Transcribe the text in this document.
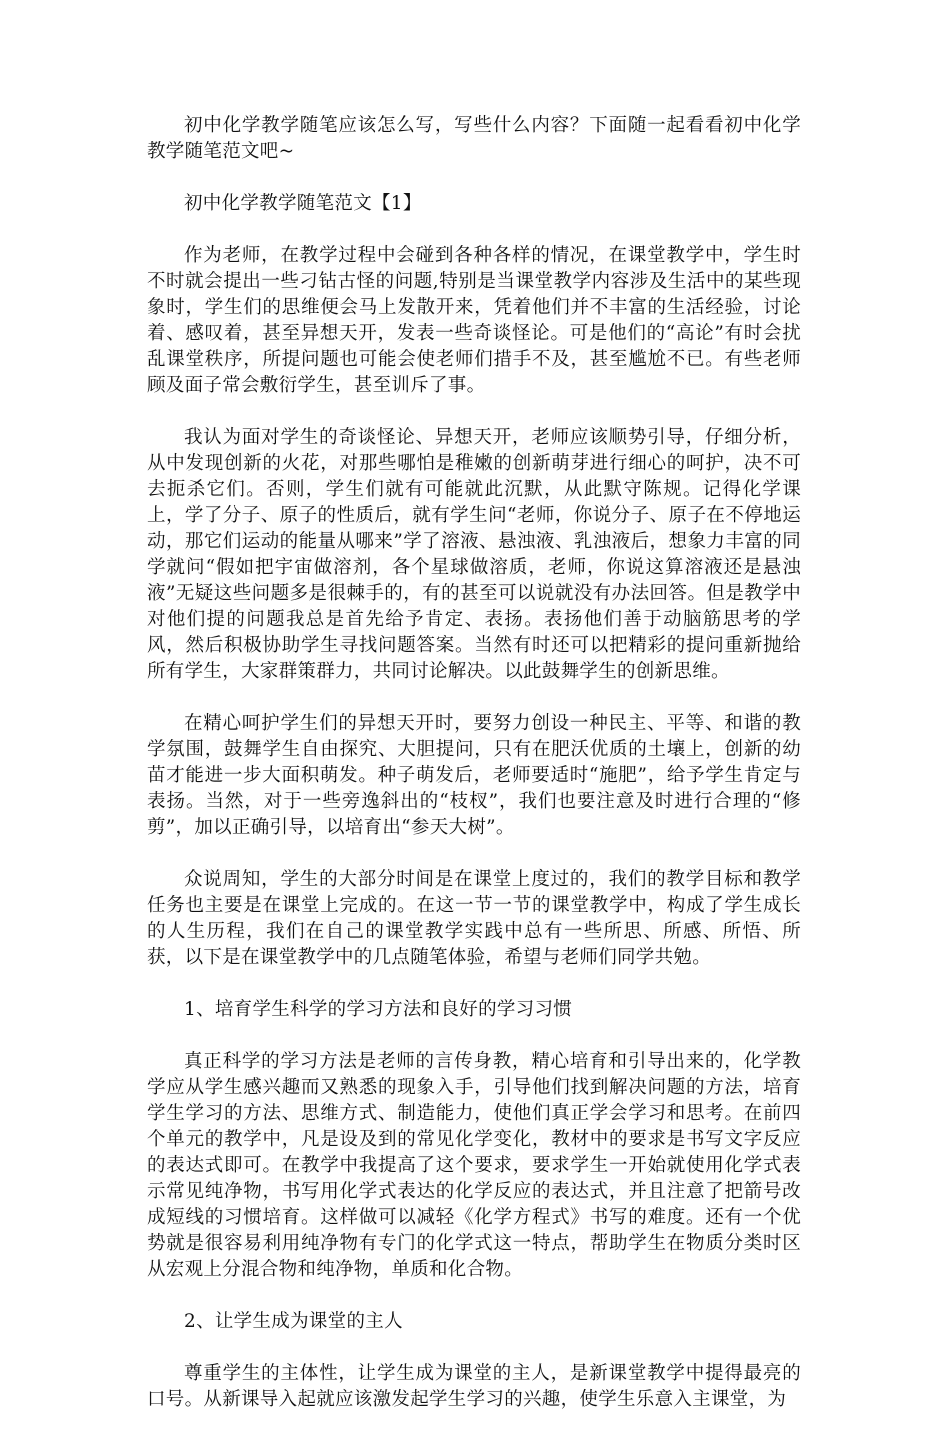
初中化学教学随笔应该怎么写，写些什么内容？下面随一起看看初中化学教学随笔范文吧~

初中化学教学随笔范文【1】

作为老师，在教学过程中会碰到各种各样的情况，在课堂教学中，学生时不时就会提出一些刁钻古怪的问题,特别是当课堂教学内容涉及生活中的某些现象时，学生们的思维便会马上发散开来，凭着他们并不丰富的生活经验，讨论着、感叹着，甚至异想天开，发表一些奇谈怪论。可是他们的“高论”有时会扰乱课堂秩序，所提问题也可能会使老师们措手不及，甚至尴尬不已。有些老师顾及面子常会敷衍学生，甚至训斥了事。

我认为面对学生的奇谈怪论、异想天开，老师应该顺势引导，仔细分析，从中发现创新的火花，对那些哪怕是稚嫩的创新萌芽进行细心的呵护，决不可去扼杀它们。否则，学生们就有可能就此沉默，从此默守陈规。记得化学课上，学了分子、原子的性质后，就有学生问“老师，你说分子、原子在不停地运动，那它们运动的能量从哪来”学了溶液、悬浊液、乳浊液后，想象力丰富的同学就问“假如把宇宙做溶剂，各个星球做溶质，老师，你说这算溶液还是悬浊液”无疑这些问题多是很棘手的，有的甚至可以说就没有办法回答。但是教学中对他们提的问题我总是首先给予肯定、表扬。表扬他们善于动脑筋思考的学风，然后积极协助学生寻找问题答案。当然有时还可以把精彩的提问重新抛给所有学生，大家群策群力，共同讨论解决。以此鼓舞学生的创新思维。

在精心呵护学生们的异想天开时，要努力创设一种民主、平等、和谐的教学氛围，鼓舞学生自由探究、大胆提问，只有在肥沃优质的土壤上，创新的幼苗才能进一步大面积萌发。种子萌发后，老师要适时“施肥”，给予学生肯定与表扬。当然，对于一些旁逸斜出的“枝杈”，我们也要注意及时进行合理的“修剪”，加以正确引导，以培育出“参天大树”。

众说周知，学生的大部分时间是在课堂上度过的，我们的教学目标和教学任务也主要是在课堂上完成的。在这一节一节的课堂教学中，构成了学生成长的人生历程，我们在自己的课堂教学实践中总有一些所思、所感、所悟、所获，以下是在课堂教学中的几点随笔体验，希望与老师们同学共勉。

1、培育学生科学的学习方法和良好的学习习惯

真正科学的学习方法是老师的言传身教，精心培育和引导出来的，化学教学应从学生感兴趣而又熟悉的现象入手，引导他们找到解决问题的方法，培育学生学习的方法、思维方式、制造能力，使他们真正学会学习和思考。在前四个单元的教学中，凡是设及到的常见化学变化，教材中的要求是书写文字反应的表达式即可。在教学中我提高了这个要求，要求学生一开始就使用化学式表示常见纯净物，书写用化学式表达的化学反应的表达式，并且注意了把箭号改成短线的习惯培育。这样做可以减轻《化学方程式》书写的难度。还有一个优势就是很容易利用纯净物有专门的化学式这一特点，帮助学生在物质分类时区从宏观上分混合物和纯净物，单质和化合物。

2、让学生成为课堂的主人

尊重学生的主体性，让学生成为课堂的主人，是新课堂教学中提得最亮的口号。从新课导入起就应该激发起学生学习的兴趣，使学生乐意入主课堂，为
